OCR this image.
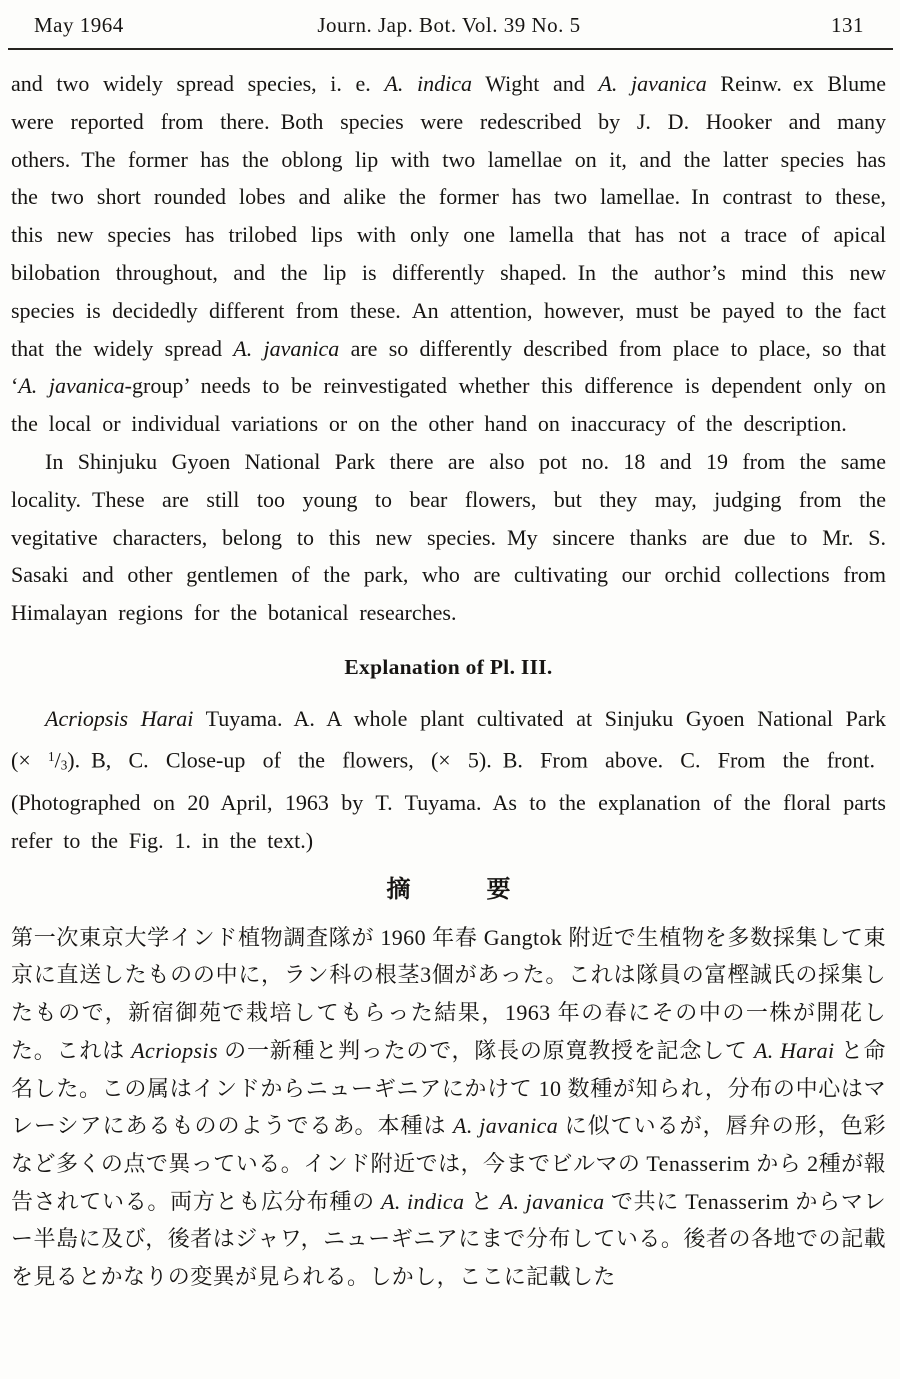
May 1964	Journ. Jap. Bot. Vol. 39 No. 5	131

and two widely spread species, i. e. A. indica Wight and A. javanica Reinw. ex Blume were reported from there. Both species were redescribed by J. D. Hooker and many others. The former has the oblong lip with two lamellae on it, and the latter species has the two short rounded lobes and alike the former has two lamellae. In contrast to these, this new species has trilobed lips with only one lamella that has not a trace of apical bilobation throughout, and the lip is differently shaped. In the author’s mind this new species is decidedly different from these. An attention, however, must be payed to the fact that the widely spread A. javanica are so differently described from place to place, so that ‘A. javanica-group’ needs to be reinvestigated whether this difference is dependent only on the local or individual variations or on the other hand on inaccuracy of the description.

In Shinjuku Gyoen National Park there are also pot no. 18 and 19 from the same locality. These are still too young to bear flowers, but they may, judging from the vegitative characters, belong to this new species. My sincere thanks are due to Mr. S. Sasaki and other gentlemen of the park, who are cultivating our orchid collections from Himalayan regions for the botanical researches.

Explanation of Pl. III.

Acriopsis Harai Tuyama. A. A whole plant cultivated at Sinjuku Gyoen National Park (× $^1$/3). B, C. Close-up of the flowers, (× 5). B. From above. C. From the front. (Photographed on 20 April, 1963 by T. Tuyama. As to the explanation of the floral parts refer to the Fig. 1. in the text.)

摘	要

第一次東京大学インド植物調査隊が 1960 年春 Gangtok 附近で生植物を多数採集して東京に直送したものの中に，ラン科の根茎3個があった。これは隊員の富樫誠氏の採集したもので，新宿御苑で栽培してもらった結果，1963 年の春にその中の一株が開花した。これは Acriopsis の一新種と判ったので，隊長の原寛教授を記念して A. Harai と命名した。この属はインドからニューギニアにかけて 10 数種が知られ，分布の中心はマレーシアにあるもののようでるあ。本種は A. javanica に似ているが，唇弁の形，色彩など多くの点で異っている。インド附近では，今までビルマの Tenasserim から 2種が報告されている。両方とも広分布種の A. indica と A. javanica で共に Tenasserim からマレー半島に及び，後者はジャワ，ニューギニアにまで分布している。後者の各地での記載を見るとかなりの変異が見られる。しかし，ここに記載した
